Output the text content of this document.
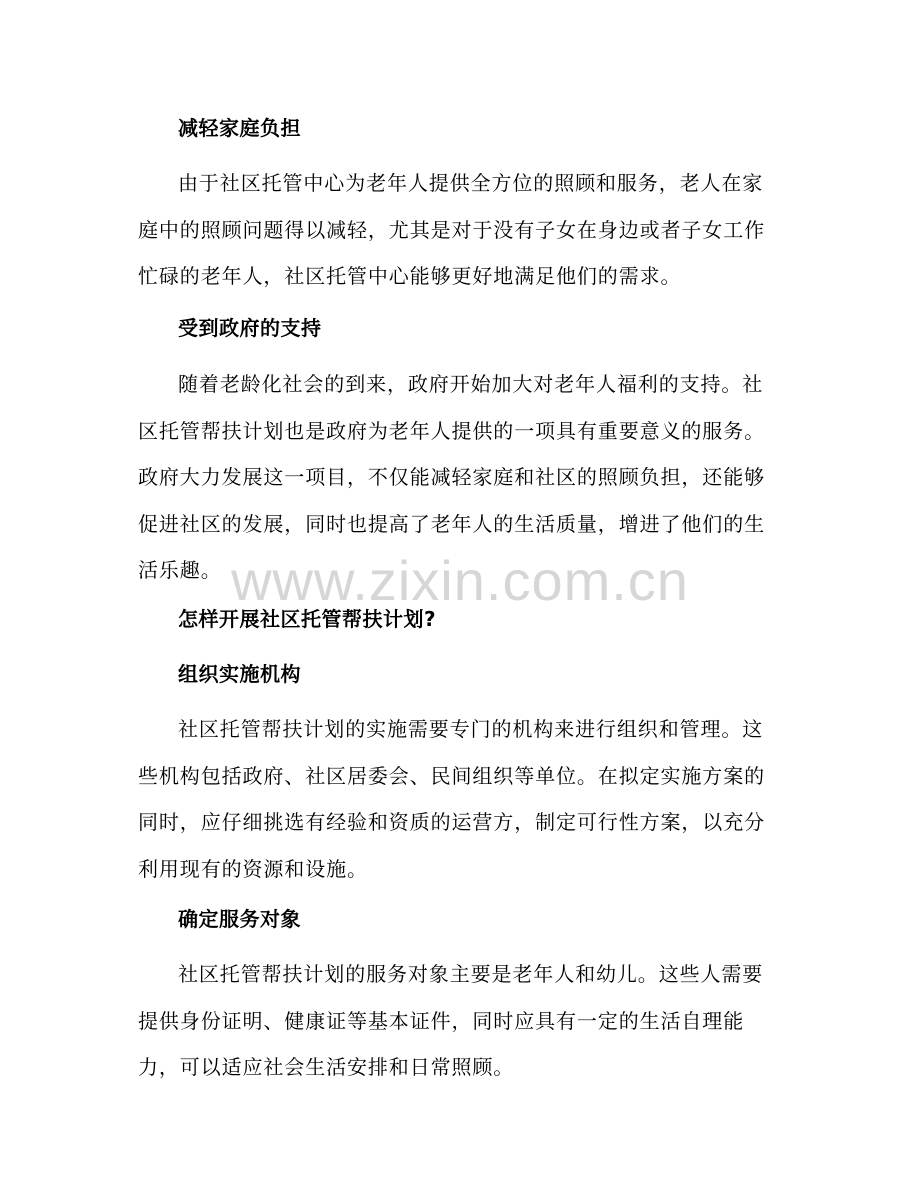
减轻家庭负担

由于社区托管中心为老年人提供全方位的照顾和服务，老人在家庭中的照顾问题得以减轻，尤其是对于没有子女在身边或者子女工作忙碌的老年人，社区托管中心能够更好地满足他们的需求。

受到政府的支持

随着老龄化社会的到来，政府开始加大对老年人福利的支持。社区托管帮扶计划也是政府为老年人提供的一项具有重要意义的服务。政府大力发展这一项目，不仅能减轻家庭和社区的照顾负担，还能够促进社区的发展，同时也提高了老年人的生活质量，增进了他们的生活乐趣。

怎样开展社区托管帮扶计划?
组织实施机构

社区托管帮扶计划的实施需要专门的机构来进行组织和管理。这些机构包括政府、社区居委会、民间组织等单位。在拟定实施方案的同时，应仔细挑选有经验和资质的运营方，制定可行性方案，以充分利用现有的资源和设施。

确定服务对象

社区托管帮扶计划的服务对象主要是老年人和幼儿。这些人需要提供身份证明、健康证等基本证件，同时应具有一定的生活自理能力，可以适应社会生活安排和日常照顾。

www.zixin.com.cn
